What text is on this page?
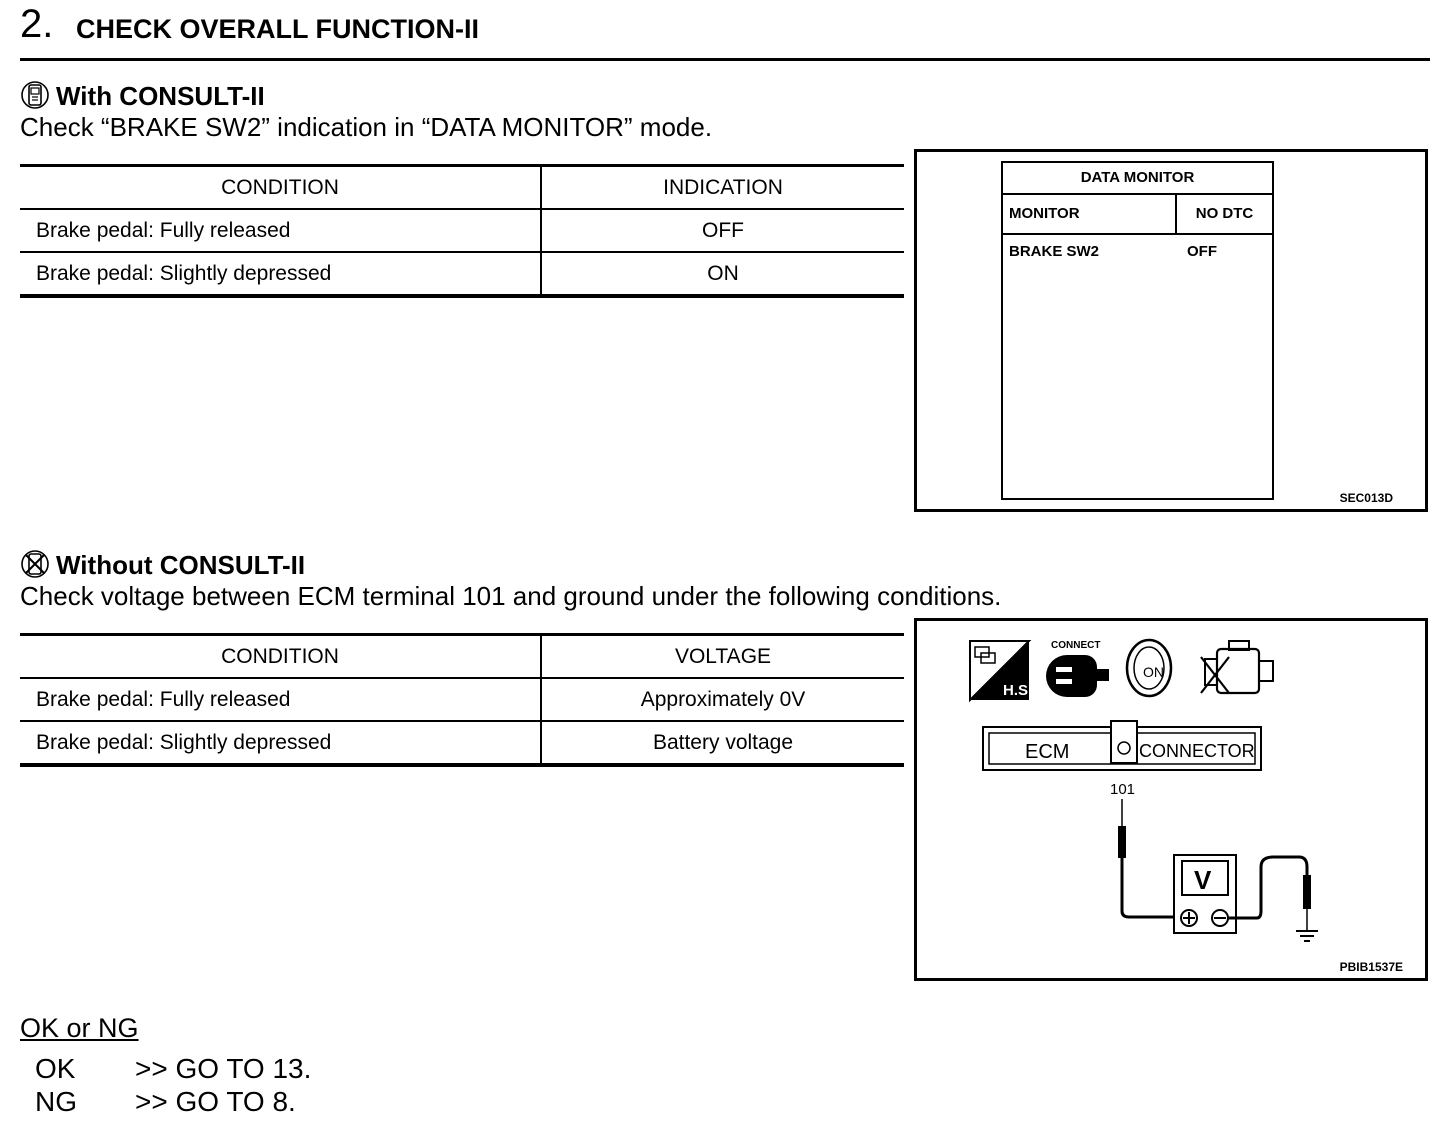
2. CHECK OVERALL FUNCTION-II
With CONSULT-II
Check “BRAKE SW2” indication in “DATA MONITOR” mode.
CONDITION	INDICATION
Brake pedal: Fully released	OFF
Brake pedal: Slightly depressed	ON
DATA MONITOR
MONITOR	NO DTC
BRAKE SW2	OFF
SEC013D
Without CONSULT-II
Check voltage between ECM terminal 101 and ground under the following conditions.
CONDITION	VOLTAGE
Brake pedal: Fully released	Approximately 0V
Brake pedal: Slightly depressed	Battery voltage
H.S.
CONNECT
ON
ECM	CONNECTOR
101
V
PBIB1537E
OK or NG
OK >> GO TO 13.
NG >> GO TO 8.
